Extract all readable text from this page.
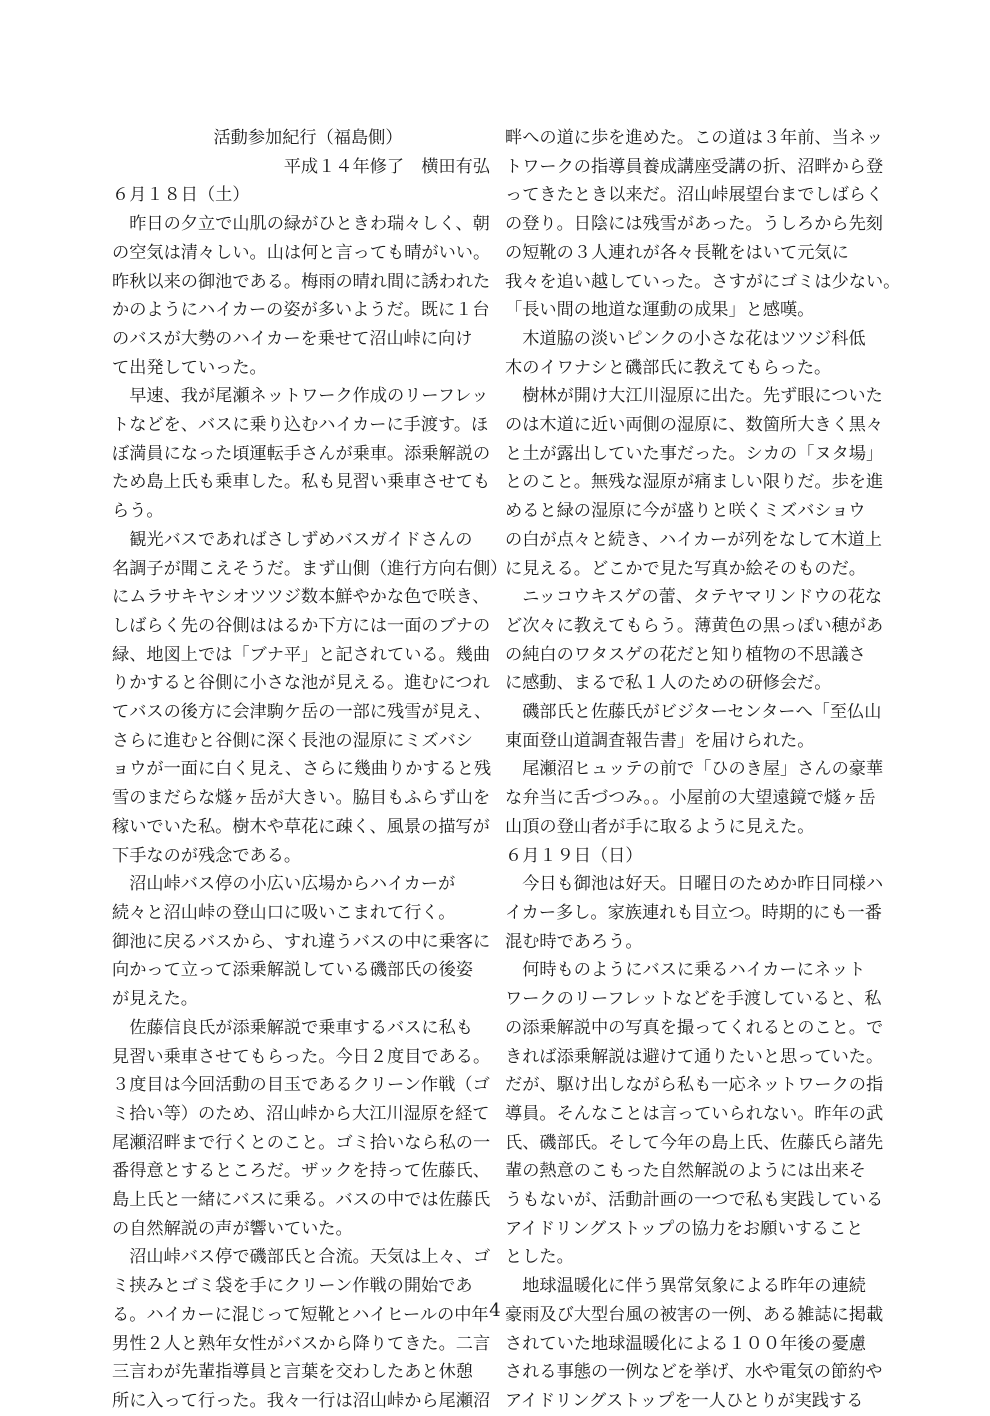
活動参加紀行（福島側）

平成１４年修了　横田有弘

６月１８日（土）

　昨日の夕立で山肌の緑がひときわ瑞々しく、朝

の空気は清々しい。山は何と言っても晴がいい。

昨秋以来の御池である。梅雨の晴れ間に誘われた

かのようにハイカーの姿が多いようだ。既に１台

のバスが大勢のハイカーを乗せて沼山峠に向け

て出発していった。

　早速、我が尾瀬ネットワーク作成のリーフレッ

トなどを、バスに乗り込むハイカーに手渡す。ほ

ぼ満員になった頃運転手さんが乗車。添乗解説の

ため島上氏も乗車した。私も見習い乗車させても

らう。

　観光バスであればさしずめバスガイドさんの

名調子が聞こえそうだ。まず山側（進行方向右側）

にムラサキヤシオツツジ数本鮮やかな色で咲き、

しばらく先の谷側ははるか下方には一面のブナの

緑、地図上では「ブナ平」と記されている。幾曲

りかすると谷側に小さな池が見える。進むにつれ

てバスの後方に会津駒ケ岳の一部に残雪が見え、

さらに進むと谷側に深く長池の湿原にミズバシ

ョウが一面に白く見え、さらに幾曲りかすると残

雪のまだらな燧ヶ岳が大きい。脇目もふらず山を

稼いでいた私。樹木や草花に疎く、風景の描写が

下手なのが残念である。

　沼山峠バス停の小広い広場からハイカーが

続々と沼山峠の登山口に吸いこまれて行く。

御池に戻るバスから、すれ違うバスの中に乗客に

向かって立って添乗解説している磯部氏の後姿

が見えた。

　佐藤信良氏が添乗解説で乗車するバスに私も

見習い乗車させてもらった。今日２度目である。

３度目は今回活動の目玉であるクリーン作戦（ゴ

ミ拾い等）のため、沼山峠から大江川湿原を経て

尾瀬沼畔まで行くとのこと。ゴミ拾いなら私の一

番得意とするところだ。ザックを持って佐藤氏、

島上氏と一緒にバスに乗る。バスの中では佐藤氏

の自然解説の声が響いていた。

　沼山峠バス停で磯部氏と合流。天気は上々、ゴ

ミ挟みとゴミ袋を手にクリーン作戦の開始であ

る。ハイカーに混じって短靴とハイヒールの中年

男性２人と熟年女性がバスから降りてきた。二言

三言わが先輩指導員と言葉を交わしたあと休憩

所に入って行った。我々一行は沼山峠から尾瀬沼

畔への道に歩を進めた。この道は３年前、当ネッ

トワークの指導員養成講座受講の折、沼畔から登

ってきたとき以来だ。沼山峠展望台までしばらく

の登り。日陰には残雪があった。うしろから先刻

の短靴の３人連れが各々長靴をはいて元気に

我々を追い越していった。さすがにゴミは少ない。

「長い間の地道な運動の成果」と感嘆。

　木道脇の淡いピンクの小さな花はツツジ科低

木のイワナシと磯部氏に教えてもらった。

　樹林が開け大江川湿原に出た。先ず眼についた

のは木道に近い両側の湿原に、数箇所大きく黒々

と土が露出していた事だった。シカの「ヌタ場」

とのこと。無残な湿原が痛ましい限りだ。歩を進

めると緑の湿原に今が盛りと咲くミズバショウ

の白が点々と続き、ハイカーが列をなして木道上

に見える。どこかで見た写真か絵そのものだ。

　ニッコウキスゲの蕾、タテヤマリンドウの花な

ど次々に教えてもらう。薄黄色の黒っぽい穂があ

の純白のワタスゲの花だと知り植物の不思議さ

に感動、まるで私１人のための研修会だ。

　磯部氏と佐藤氏がビジターセンターへ「至仏山

東面登山道調査報告書」を届けられた。

　尾瀬沼ヒュッテの前で「ひのき屋」さんの豪華

な弁当に舌づつみ。。小屋前の大望遠鏡で燧ヶ岳

山頂の登山者が手に取るように見えた。

６月１９日（日）

　今日も御池は好天。日曜日のためか昨日同様ハ

イカー多し。家族連れも目立つ。時期的にも一番

混む時であろう。

　何時ものようにバスに乗るハイカーにネット

ワークのリーフレットなどを手渡していると、私

の添乗解説中の写真を撮ってくれるとのこと。で

きれば添乗解説は避けて通りたいと思っていた。

だが、駆け出しながら私も一応ネットワークの指

導員。そんなことは言っていられない。昨年の武

氏、磯部氏。そして今年の島上氏、佐藤氏ら諸先

輩の熱意のこもった自然解説のようには出来そ

うもないが、活動計画の一つで私も実践している

アイドリングストップの協力をお願いすること

とした。

　地球温暖化に伴う異常気象による昨年の連続

豪雨及び大型台風の被害の一例、ある雑誌に掲載

されていた地球温暖化による１００年後の憂慮

される事態の一例などを挙げ、水や電気の節約や

アイドリングストップを一人ひとりが実践する

4
